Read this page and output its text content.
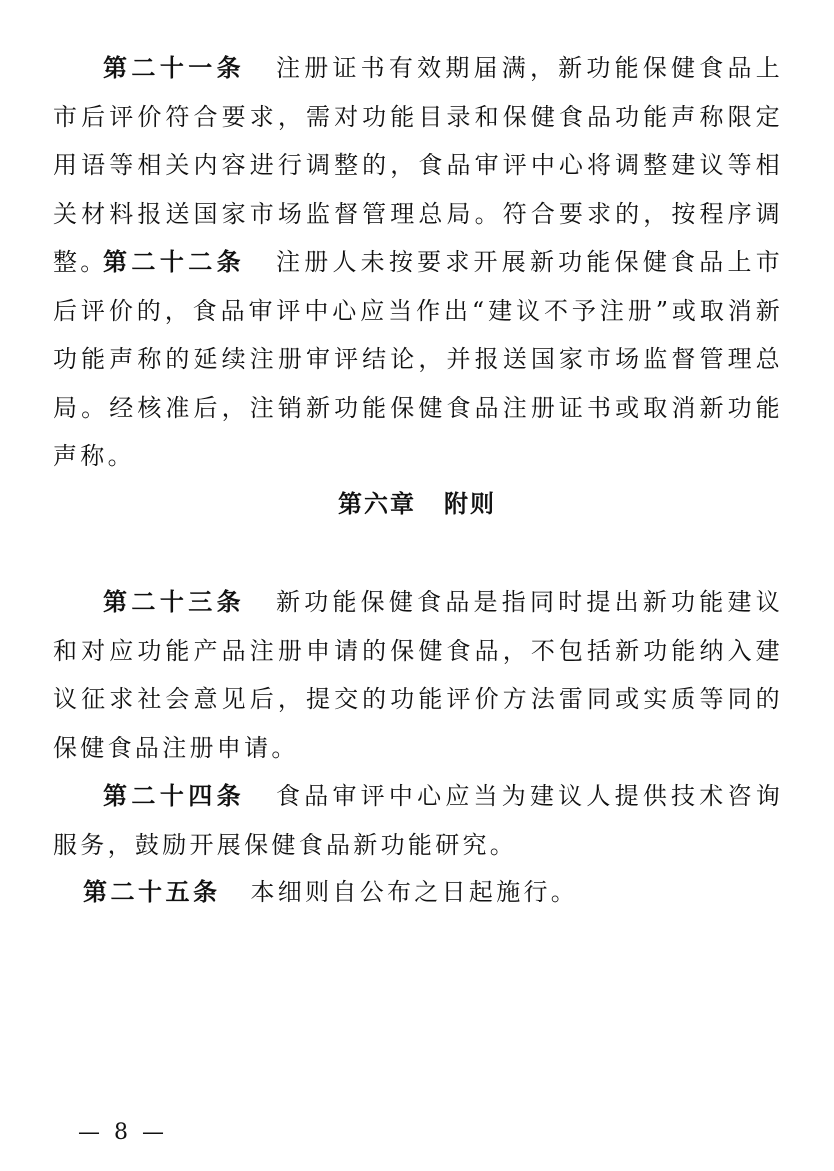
第二十一条 注册证书有效期届满，新功能保健食品上市后评价符合要求，需对功能目录和保健食品功能声称限定用语等相关内容进行调整的，食品审评中心将调整建议等相关材料报送国家市场监督管理总局。符合要求的，按程序调整。

第二十二条 注册人未按要求开展新功能保健食品上市后评价的，食品审评中心应当作出“建议不予注册”或取消新功能声称的延续注册审评结论，并报送国家市场监督管理总局。经核准后，注销新功能保健食品注册证书或取消新功能声称。

第六章 附则

第二十三条 新功能保健食品是指同时提出新功能建议和对应功能产品注册申请的保健食品，不包括新功能纳入建议征求社会意见后，提交的功能评价方法雷同或实质等同的保健食品注册申请。

第二十四条 食品审评中心应当为建议人提供技术咨询服务，鼓励开展保健食品新功能研究。

第二十五条 本细则自公布之日起施行。

— 8 —
